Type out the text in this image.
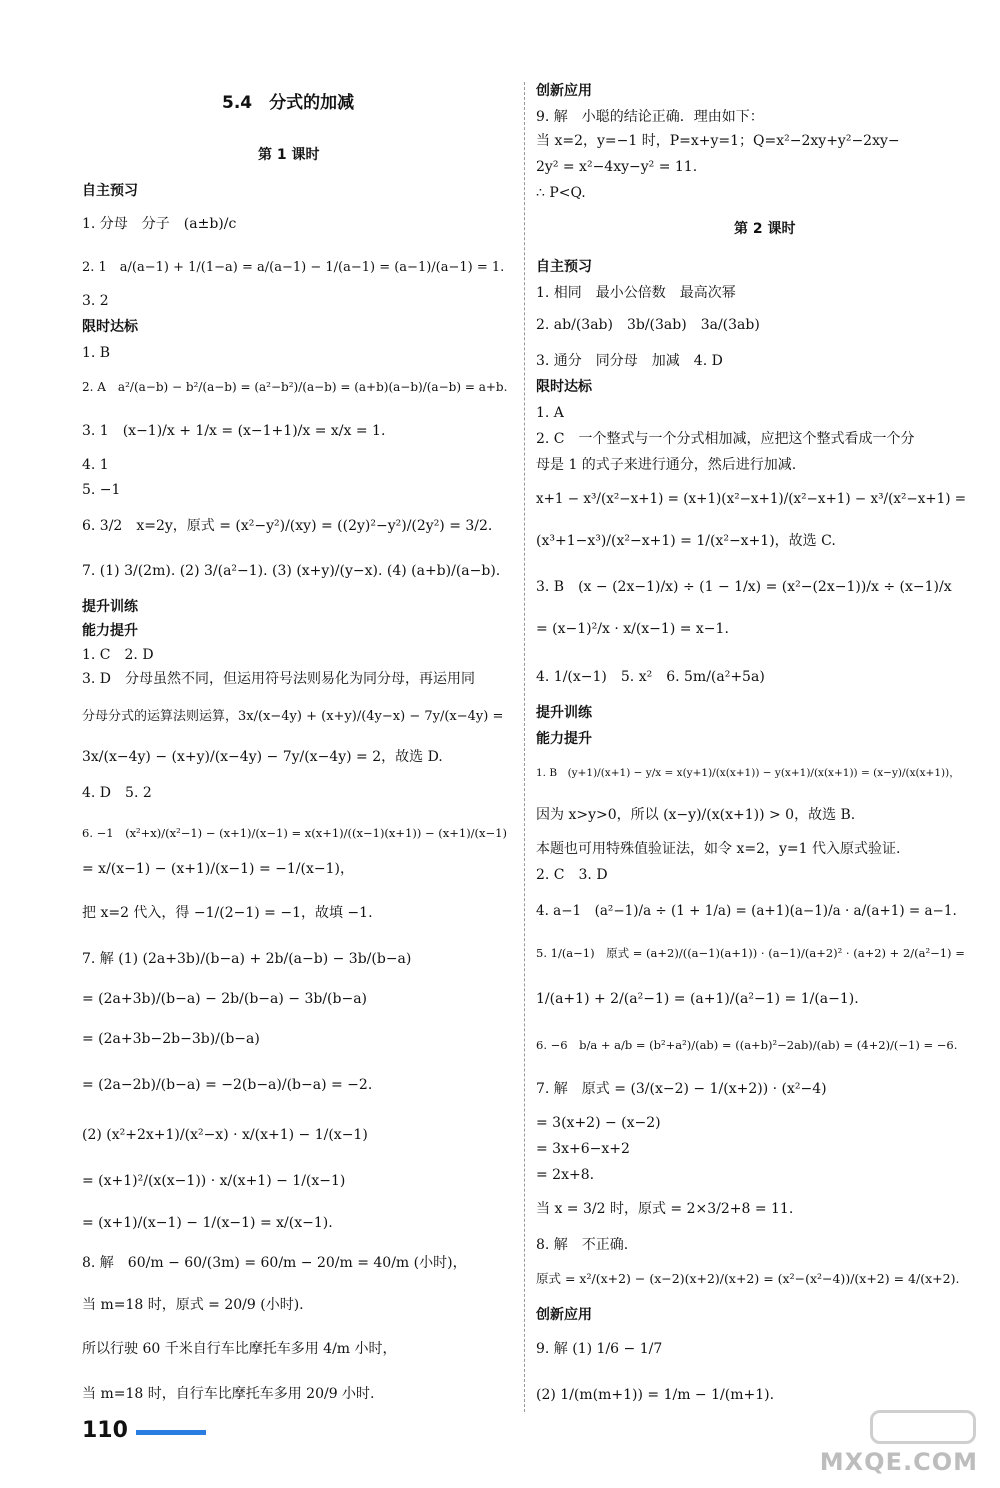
5.4　分式的加减
第 1 课时
第 2 课时
自主预习
1. 分母　分子　(a±b)/c
2. 1　a/(a−1) + 1/(1−a) = a/(a−1) − 1/(a−1) = (a−1)/(a−1) = 1.
3. 2
限时达标
1. B
2. A　a²/(a−b) − b²/(a−b) = (a²−b²)/(a−b) = (a+b)(a−b)/(a−b) = a+b.
3. 1　(x−1)/x + 1/x = (x−1+1)/x = x/x = 1.
4. 1
5. −1
6. 3/2　x=2y，原式 = (x²−y²)/(xy) = ((2y)²−y²)/(2y²) = 3/2.
7. (1) 3/(2m). (2) 3/(a²−1). (3) (x+y)/(y−x). (4) (a+b)/(a−b).
提升训练
能力提升
1. C　2. D
3. D　分母虽然不同，但运用符号法则易化为同分母，再运用同
分母分式的运算法则运算，3x/(x−4y) + (x+y)/(4y−x) − 7y/(x−4y) =
3x/(x−4y) − (x+y)/(x−4y) − 7y/(x−4y) = 2，故选 D.
4. D　5. 2
6. −1　(x²+x)/(x²−1) − (x+1)/(x−1) = x(x+1)/((x−1)(x+1)) − (x+1)/(x−1)
= x/(x−1) − (x+1)/(x−1) = −1/(x−1)，
把 x=2 代入，得 −1/(2−1) = −1，故填 −1.
7. 解 (1) (2a+3b)/(b−a) + 2b/(a−b) − 3b/(b−a)
= (2a+3b)/(b−a) − 2b/(b−a) − 3b/(b−a)
= (2a+3b−2b−3b)/(b−a)
= (2a−2b)/(b−a) = −2(b−a)/(b−a) = −2.
(2) (x²+2x+1)/(x²−x) · x/(x+1) − 1/(x−1)
= (x+1)²/(x(x−1)) · x/(x+1) − 1/(x−1)
= (x+1)/(x−1) − 1/(x−1) = x/(x−1).
8. 解　60/m − 60/(3m) = 60/m − 20/m = 40/m (小时)，
当 m=18 时，原式 = 20/9 (小时).
所以行驶 60 千米自行车比摩托车多用 4/m 小时，
当 m=18 时，自行车比摩托车多用 20/9 小时.
创新应用
9. 解　小聪的结论正确．理由如下：
当 x=2，y=−1 时，P=x+y=1；Q=x²−2xy+y²−2xy−
2y² = x²−4xy−y² = 11.
∴ P<Q.
自主预习
1. 相同　最小公倍数　最高次幂
2. ab/(3ab)　3b/(3ab)　3a/(3ab)
3. 通分　同分母　加减　4. D
限时达标
1. A
2. C　一个整式与一个分式相加减，应把这个整式看成一个分
母是 1 的式子来进行通分，然后进行加减.
x+1 − x³/(x²−x+1) = (x+1)(x²−x+1)/(x²−x+1) − x³/(x²−x+1) =
(x³+1−x³)/(x²−x+1) = 1/(x²−x+1)，故选 C.
3. B　(x − (2x−1)/x) ÷ (1 − 1/x) = (x²−(2x−1))/x ÷ (x−1)/x
= (x−1)²/x · x/(x−1) = x−1.
4. 1/(x−1)　5. x²　6. 5m/(a²+5a)
提升训练
能力提升
1. B　(y+1)/(x+1) − y/x = x(y+1)/(x(x+1)) − y(x+1)/(x(x+1)) = (x−y)/(x(x+1))，
因为 x>y>0，所以 (x−y)/(x(x+1)) > 0，故选 B.
本题也可用特殊值验证法，如令 x=2，y=1 代入原式验证.
2. C　3. D
4. a−1　(a²−1)/a ÷ (1 + 1/a) = (a+1)(a−1)/a · a/(a+1) = a−1.
5. 1/(a−1)　原式 = (a+2)/((a−1)(a+1)) · (a−1)/(a+2)² · (a+2) + 2/(a²−1) =
1/(a+1) + 2/(a²−1) = (a+1)/(a²−1) = 1/(a−1).
6. −6　b/a + a/b = (b²+a²)/(ab) = ((a+b)²−2ab)/(ab) = (4+2)/(−1) = −6.
7. 解　原式 = (3/(x−2) − 1/(x+2)) · (x²−4)
= 3(x+2) − (x−2)
= 3x+6−x+2
= 2x+8.
当 x = 3/2 时，原式 = 2×3/2+8 = 11.
8. 解　不正确.
原式 = x²/(x+2) − (x−2)(x+2)/(x+2) = (x²−(x²−4))/(x+2) = 4/(x+2).
创新应用
9. 解 (1) 1/6 − 1/7
(2) 1/(m(m+1)) = 1/m − 1/(m+1).
110
MXQE.COM
